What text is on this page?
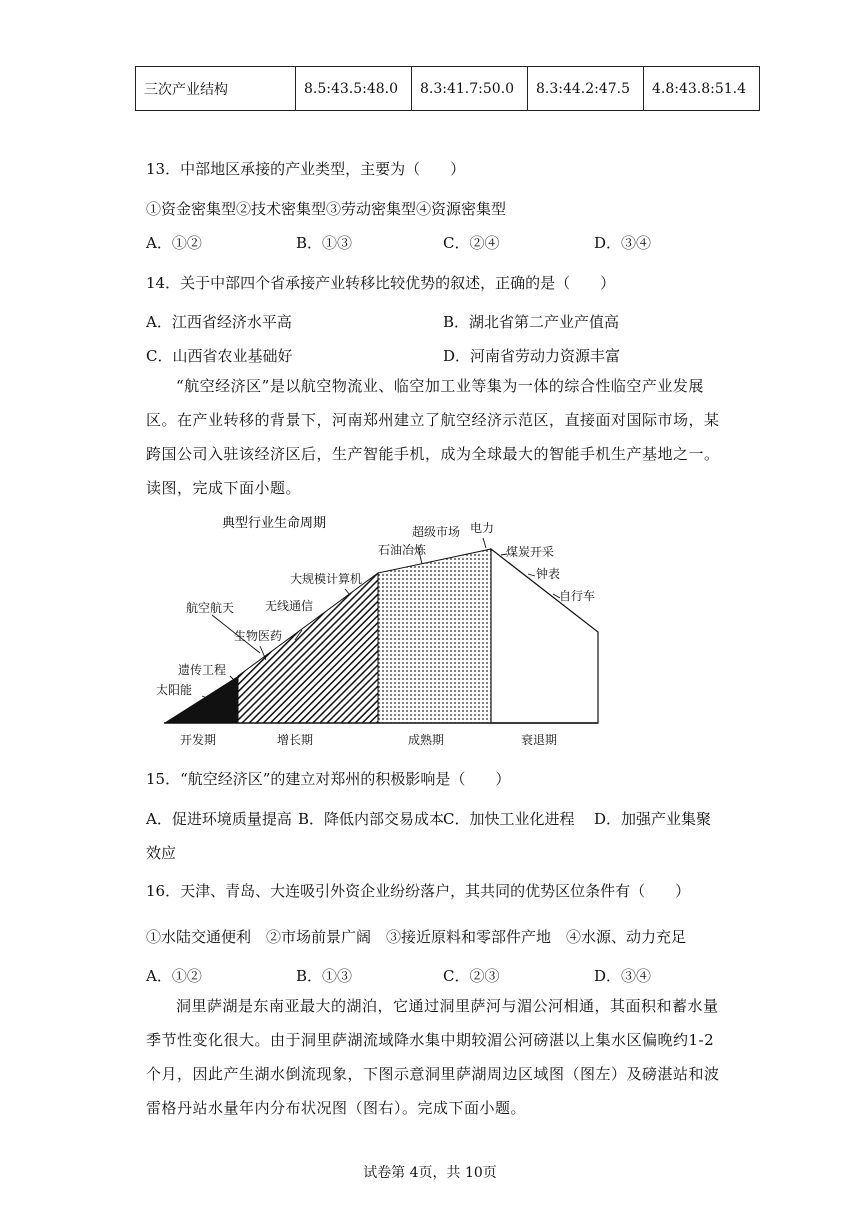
三次产业结构	8.5:43.5:48.0	8.3:41.7:50.0	8.3:44.2:47.5	4.8:43.8:51.4
13．中部地区承接的产业类型，主要为（　　）
①资金密集型②技术密集型③劳动密集型④资源密集型
A．①②	B．①③	C．②④	D．③④
14．关于中部四个省承接产业转移比较优势的叙述，正确的是（　　）
A．江西省经济水平高	B．湖北省第二产业产值高
C．山西省农业基础好	D．河南省劳动力资源丰富
“航空经济区”是以航空物流业、临空加工业等集为一体的综合性临空产业发展区。在产业转移的背景下，河南郑州建立了航空经济示范区，直接面对国际市场，某跨国公司入驻该经济区后，生产智能手机，成为全球最大的智能手机生产基地之一。读图，完成下面小题。
典型行业生命周期
太阳能
遗传工程
生物医药
航空航天	无线通信
大规模计算机
石油冶炼
超级市场 电力
煤炭开采
钟表
自行车
开发期	增长期	成熟期	衰退期
15．“航空经济区”的建立对郑州的积极影响是（　　）
A．促进环境质量提高 B．降低内部交易成本
C．加快工业化进程 D．加强产业集聚
效应
16．天津、青岛、大连吸引外资企业纷纷落户，其共同的优势区位条件有（　　）
①水陆交通便利　②市场前景广阔　③接近原料和零部件产地　④水源、动力充足
A．①②	B．①③	C．②③	D．③④
洞里萨湖是东南亚最大的湖泊，它通过洞里萨河与湄公河相通，其面积和蓄水量季节性变化很大。由于洞里萨湖流域降水集中期较湄公河磅湛以上集水区偏晚约1-2个月，因此产生湖水倒流现象，下图示意洞里萨湖周边区域图（图左）及磅湛站和波雷格丹站水量年内分布状况图（图右）。完成下面小题。
试卷第 4页，共 10页
